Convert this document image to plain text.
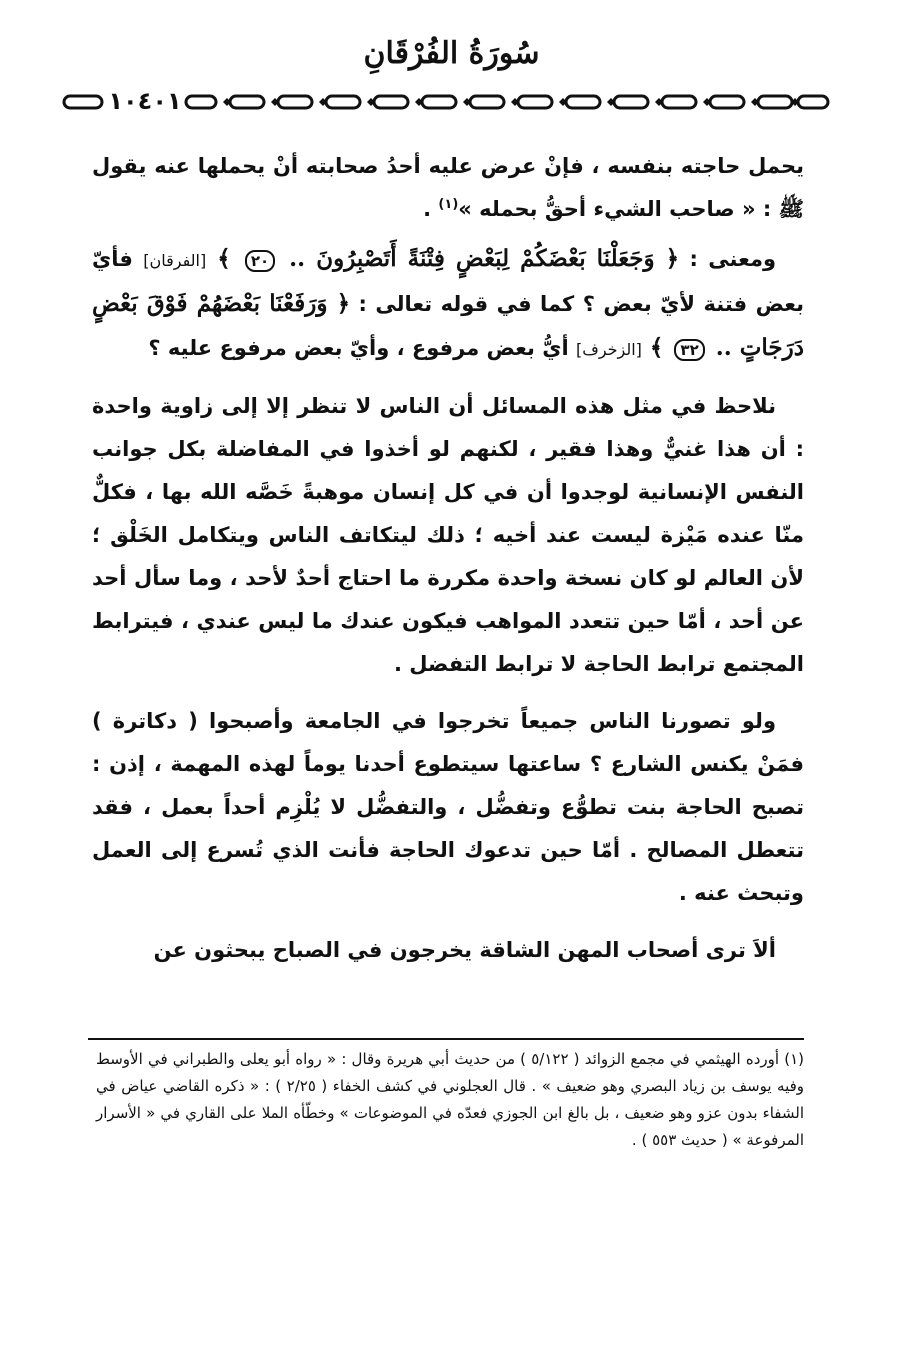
سُورَةُ الفُرْقَانِ
١٠٤٠١

يحمل حاجته بنفسه ، فإنْ عرض عليه أحدُ صحابته أنْ يحملها عنه يقول ﷺ : « صاحب الشيء أحقُّ بحمله »$^{(١)}$ .

ومعنى : ﴿ وَجَعَلْنَا بَعْضَكُمْ لِبَعْضٍ فِتْنَةً أَتَصْبِرُونَ .. ٢٠ ﴾ [الفرقان] فأيّ بعض فتنة لأيّ بعض ؟ كما في قوله تعالى : ﴿ وَرَفَعْنَا بَعْضَهُمْ فَوْقَ بَعْضٍ دَرَجَاتٍ .. ٣٢ ﴾ [الزخرف] أيُّ بعض مرفوع ، وأيّ بعض مرفوع عليه ؟

نلاحظ في مثل هذه المسائل أن الناس لا تنظر إلا إلى زاوية واحدة : أن هذا غنيٌّ وهذا فقير ، لكنهم لو أخذوا في المفاضلة بكل جوانب النفس الإنسانية لوجدوا أن في كل إنسان موهبةً خَصَّه الله بها ، فكلٌّ منّا عنده مَيْزة ليست عند أخيه ؛ ذلك ليتكاتف الناس ويتكامل الخَلْق ؛ لأن العالم لو كان نسخة واحدة مكررة ما احتاج أحدٌ لأحد ، وما سأل أحد عن أحد ، أمّا حين تتعدد المواهب فيكون عندك ما ليس عندي ، فيترابط المجتمع ترابط الحاجة لا ترابط التفضل .

ولو تصورنا الناس جميعاً تخرجوا في الجامعة وأصبحوا ( دكاترة ) فمَنْ يكنس الشارع ؟ ساعتها سيتطوع أحدنا يوماً لهذه المهمة ، إذن : تصبح الحاجة بنت تطوُّع وتفضُّل ، والتفضُّل لا يُلْزِم أحداً بعمل ، فقد تتعطل المصالح . أمّا حين تدعوك الحاجة فأنت الذي تُسرع إلى العمل وتبحث عنه .

ألاَ ترى أصحاب المهن الشاقة يخرجون في الصباح يبحثون عن

(١) أورده الهيثمي في مجمع الزوائد ( ٥/١٢٢ ) من حديث أبي هريرة وقال : « رواه أبو يعلى والطبراني في الأوسط وفيه يوسف بن زياد البصري وهو ضعيف » . قال العجلوني في كشف الخفاء ( ٢/٢٥ ) : « ذكره القاضي عياض في الشفاء بدون عزو وهو ضعيف ، بل بالغ ابن الجوزي فعدّه في الموضوعات » وخطّأه الملا على القاري في « الأسرار المرفوعة » ( حديث ٥٥٣ ) .
